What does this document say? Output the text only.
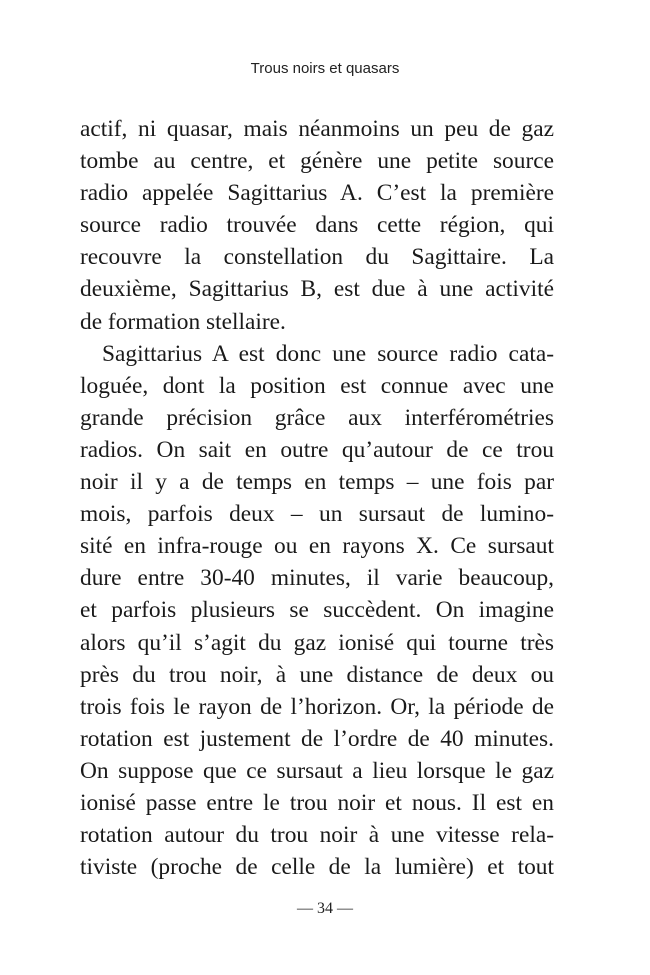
Trous noirs et quasars
actif, ni quasar, mais néanmoins un peu de gaz
tombe au centre, et génère une petite source
radio appelée Sagittarius A. C’est la première
source radio trouvée dans cette région, qui
recouvre la constellation du Sagittaire. La
deuxième, Sagittarius B, est due à une activité
de formation stellaire.
Sagittarius A est donc une source radio cata-
loguée, dont la position est connue avec une
grande précision grâce aux interférométries
radios. On sait en outre qu’autour de ce trou
noir il y a de temps en temps – une fois par
mois, parfois deux – un sursaut de lumino-
sité en infra-rouge ou en rayons X. Ce sursaut
dure entre 30-40 minutes, il varie beaucoup,
et parfois plusieurs se succèdent. On imagine
alors qu’il s’agit du gaz ionisé qui tourne très
près du trou noir, à une distance de deux ou
trois fois le rayon de l’horizon. Or, la période de
rotation est justement de l’ordre de 40 minutes.
On suppose que ce sursaut a lieu lorsque le gaz
ionisé passe entre le trou noir et nous. Il est en
rotation autour du trou noir à une vitesse rela-
tiviste (proche de celle de la lumière) et tout
— 34 —
